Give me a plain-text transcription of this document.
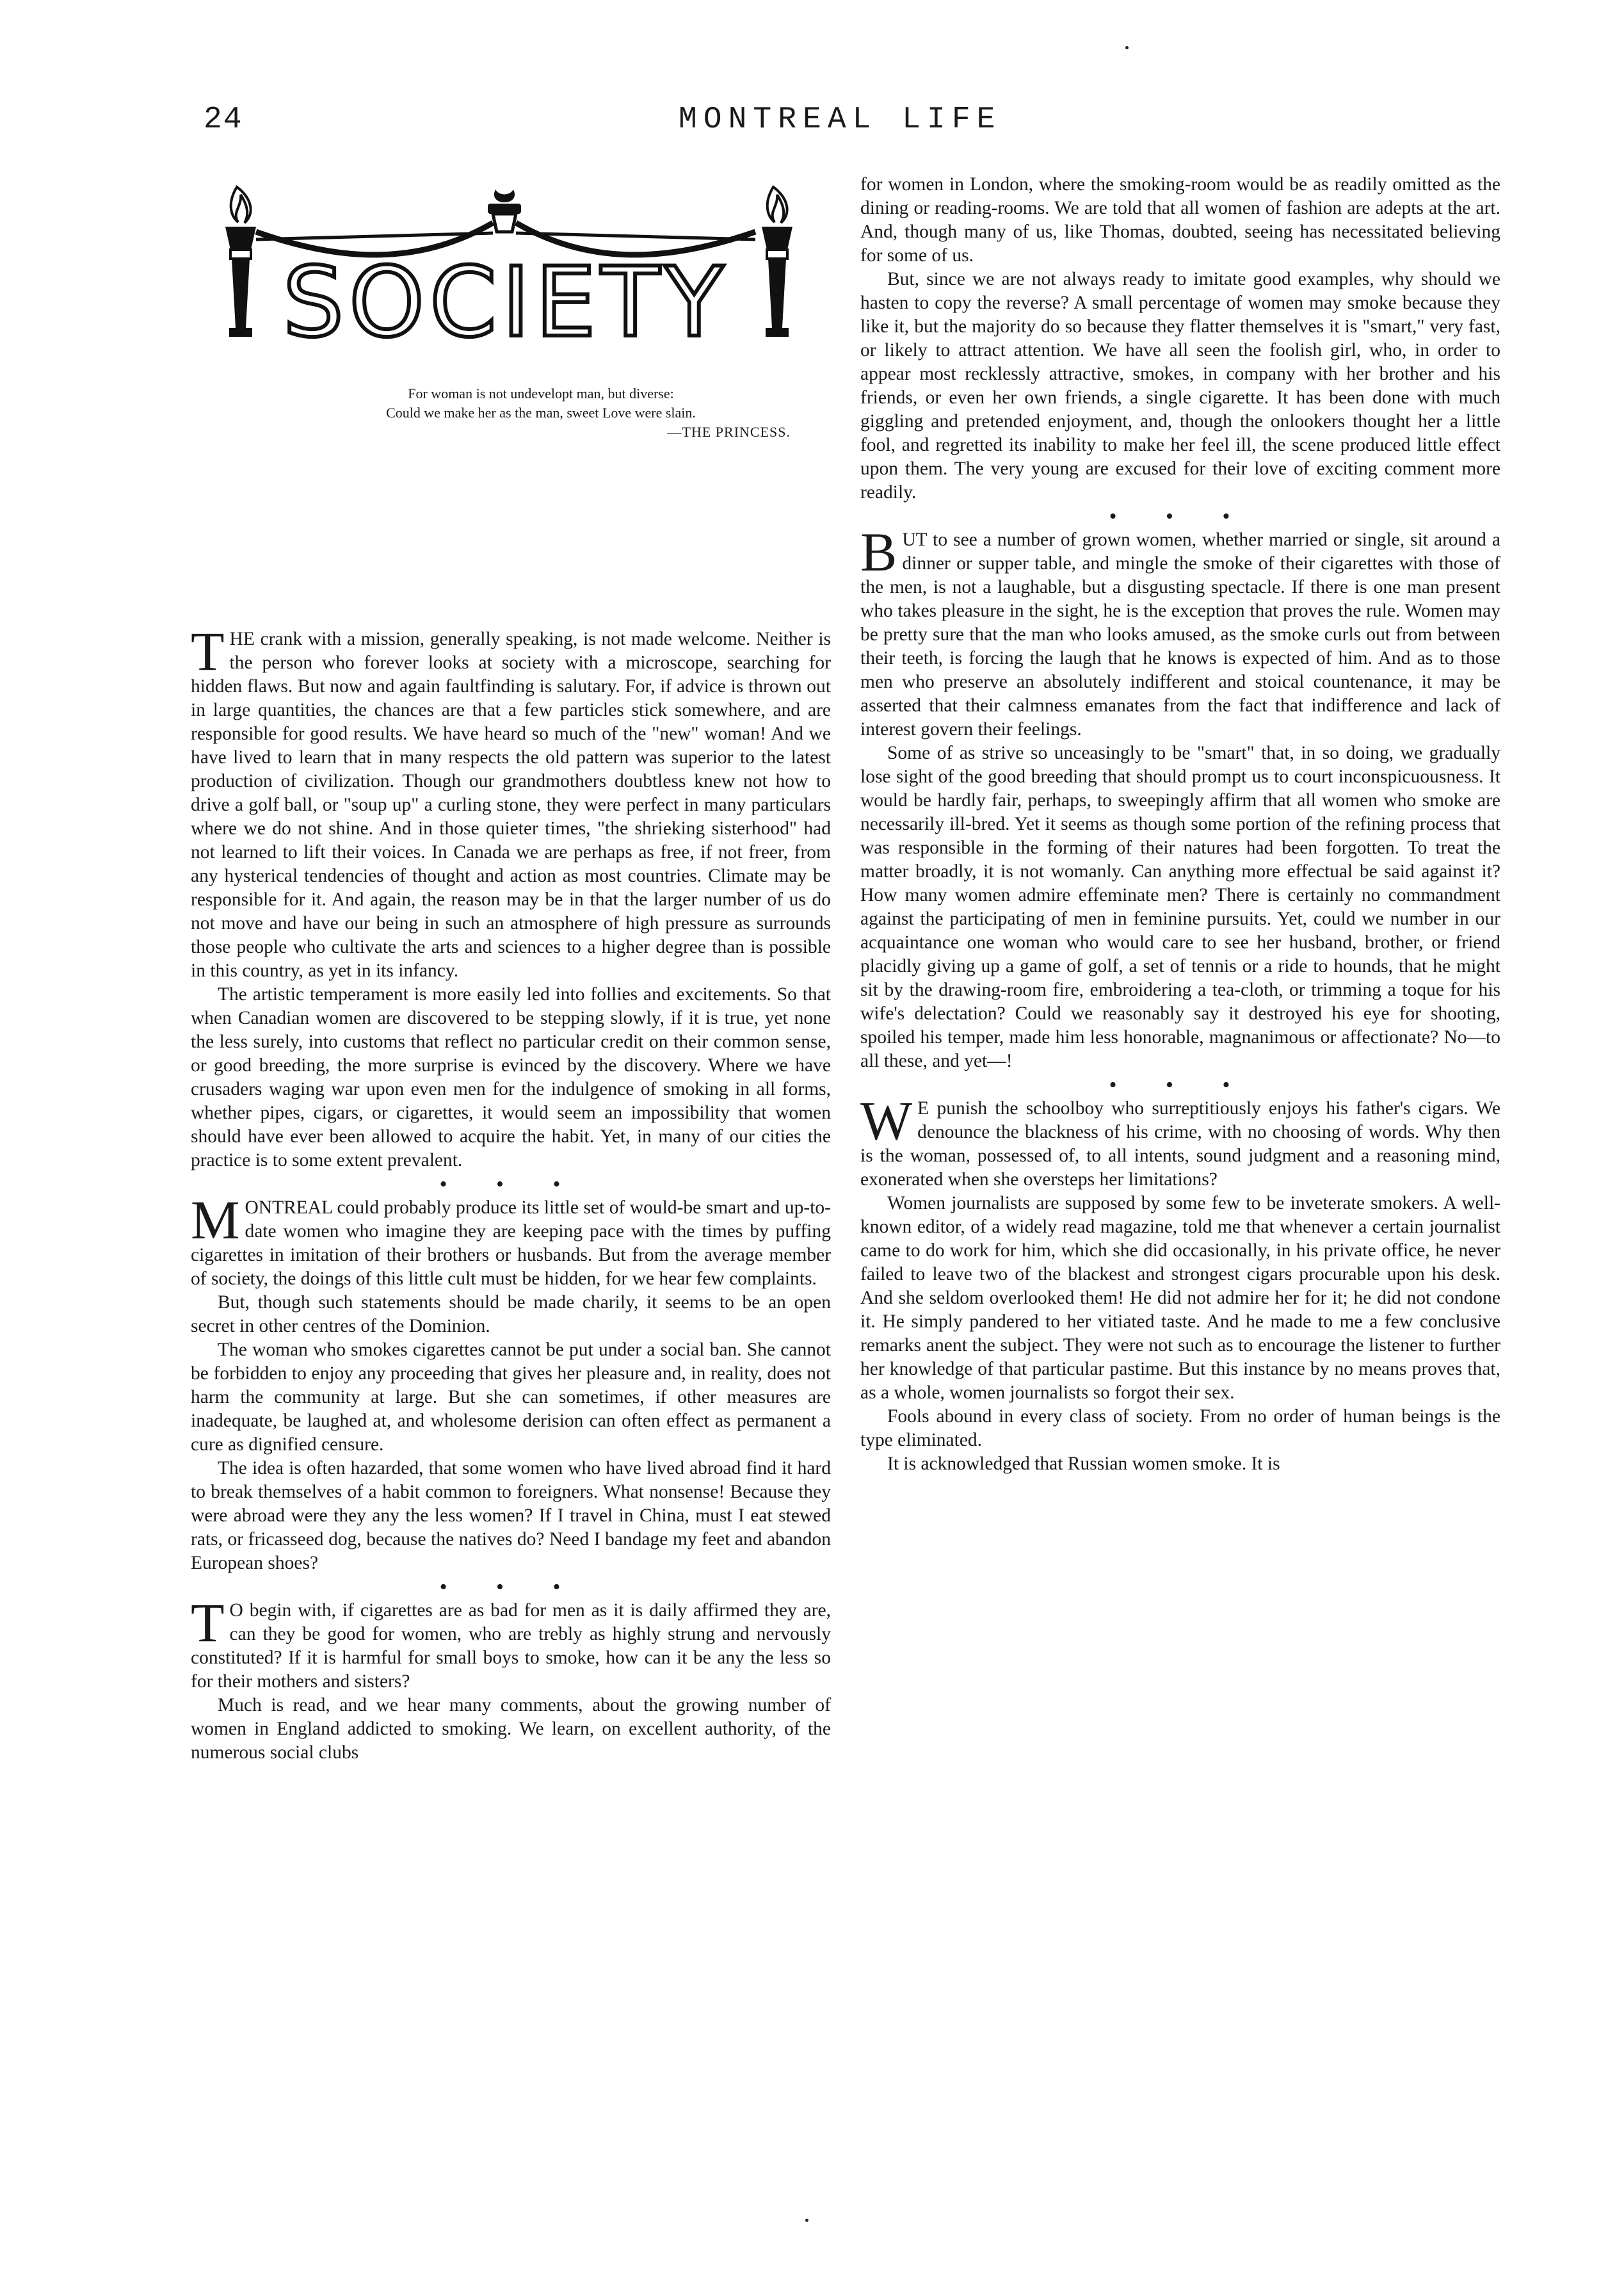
24	MONTREAL LIFE
SOCIETY
For woman is not undevelopt man, but diverse:
Could we make her as the man, sweet Love were slain.
—THE PRINCESS.

THE crank with a mission, generally speaking, is not made welcome. Neither is the person who forever looks at society with a microscope, searching for hidden flaws. But now and again faultfinding is salutary. For, if advice is thrown out in large quantities, the chances are that a few particles stick somewhere, and are responsible for good results. We have heard so much of the "new" woman! And we have lived to learn that in many respects the old pattern was superior to the latest production of civilization. Though our grandmothers doubtless knew not how to drive a golf ball, or "soup up" a curling stone, they were perfect in many particulars where we do not shine. And in those quieter times, "the shrieking sisterhood" had not learned to lift their voices. In Canada we are perhaps as free, if not freer, from any hysterical tendencies of thought and action as most countries. Climate may be responsible for it. And again, the reason may be in that the larger number of us do not move and have our being in such an atmosphere of high pressure as surrounds those people who cultivate the arts and sciences to a higher degree than is possible in this country, as yet in its infancy.

The artistic temperament is more easily led into follies and excitements. So that when Canadian women are discovered to be stepping slowly, if it is true, yet none the less surely, into customs that reflect no particular credit on their common sense, or good breeding, the more surprise is evinced by the discovery. Where we have crusaders waging war upon even men for the indulgence of smoking in all forms, whether pipes, cigars, or cigarettes, it would seem an impossibility that women should have ever been allowed to acquire the habit. Yet, in many of our cities the practice is to some extent prevalent.

• • •

MONTREAL could probably produce its little set of would-be smart and up-to-date women who imagine they are keeping pace with the times by puffing cigarettes in imitation of their brothers or husbands. But from the average member of society, the doings of this little cult must be hidden, for we hear few complaints.

But, though such statements should be made charily, it seems to be an open secret in other centres of the Dominion.

The woman who smokes cigarettes cannot be put under a social ban. She cannot be forbidden to enjoy any proceeding that gives her pleasure and, in reality, does not harm the community at large. But she can sometimes, if other measures are inadequate, be laughed at, and wholesome derision can often effect as permanent a cure as dignified censure.

The idea is often hazarded, that some women who have lived abroad find it hard to break themselves of a habit common to foreigners. What nonsense! Because they were abroad were they any the less women? If I travel in China, must I eat stewed rats, or fricasseed dog, because the natives do? Need I bandage my feet and abandon European shoes?

• • •

T O begin with, if cigarettes are as bad for men as it is daily affirmed they are, can they be good for women, who are trebly as highly strung and nervously constituted? If it is harmful for small boys to smoke, how can it be any the less so for their mothers and sisters?

Much is read, and we hear many comments, about the growing number of women in England addicted to smoking. We learn, on excellent authority, of the numerous social clubs

for women in London, where the smoking-room would be as readily omitted as the dining or reading-rooms. We are told that all women of fashion are adepts at the art. And, though many of us, like Thomas, doubted, seeing has necessitated believing for some of us.

But, since we are not always ready to imitate good examples, why should we hasten to copy the reverse? A small percentage of women may smoke because they like it, but the majority do so because they flatter themselves it is "smart," very fast, or likely to attract attention. We have all seen the foolish girl, who, in order to appear most recklessly attractive, smokes, in company with her brother and his friends, or even her own friends, a single cigarette. It has been done with much giggling and pretended enjoyment, and, though the onlookers thought her a little fool, and regretted its inability to make her feel ill, the scene produced little effect upon them. The very young are excused for their love of exciting comment more readily.

• • •

BUT to see a number of grown women, whether married or single, sit around a dinner or supper table, and mingle the smoke of their cigarettes with those of the men, is not a laughable, but a disgusting spectacle. If there is one man present who takes pleasure in the sight, he is the exception that proves the rule. Women may be pretty sure that the man who looks amused, as the smoke curls out from between their teeth, is forcing the laugh that he knows is expected of him. And as to those men who preserve an absolutely indifferent and stoical countenance, it may be asserted that their calmness emanates from the fact that indifference and lack of interest govern their feelings.

Some of as strive so unceasingly to be "smart" that, in so doing, we gradually lose sight of the good breeding that should prompt us to court inconspicuousness. It would be hardly fair, perhaps, to sweepingly affirm that all women who smoke are necessarily ill-bred. Yet it seems as though some portion of the refining process that was responsible in the forming of their natures had been forgotten. To treat the matter broadly, it is not womanly. Can anything more effectual be said against it? How many women admire effeminate men? There is certainly no commandment against the participating of men in feminine pursuits. Yet, could we number in our acquaintance one woman who would care to see her husband, brother, or friend placidly giving up a game of golf, a set of tennis or a ride to hounds, that he might sit by the drawing-room fire, embroidering a tea-cloth, or trimming a toque for his wife's delectation? Could we reasonably say it destroyed his eye for shooting, spoiled his temper, made him less honorable, magnanimous or affectionate? No—to all these, and yet—!

• • •

W E punish the schoolboy who surreptitiously enjoys his father's cigars. We denounce the blackness of his crime, with no choosing of words. Why then is the woman, possessed of, to all intents, sound judgment and a reasoning mind, exonerated when she oversteps her limitations?

Women journalists are supposed by some few to be inveterate smokers. A well-known editor, of a widely read magazine, told me that whenever a certain journalist came to do work for him, which she did occasionally, in his private office, he never failed to leave two of the blackest and strongest cigars procurable upon his desk. And she seldom overlooked them! He did not admire her for it; he did not condone it. He simply pandered to her vitiated taste. And he made to me a few conclusive remarks anent the subject. They were not such as to encourage the listener to further her knowledge of that particular pastime. But this instance by no means proves that, as a whole, women journalists so forgot their sex.

Fools abound in every class of society. From no order of human beings is the type eliminated.

It is acknowledged that Russian women smoke. It is
